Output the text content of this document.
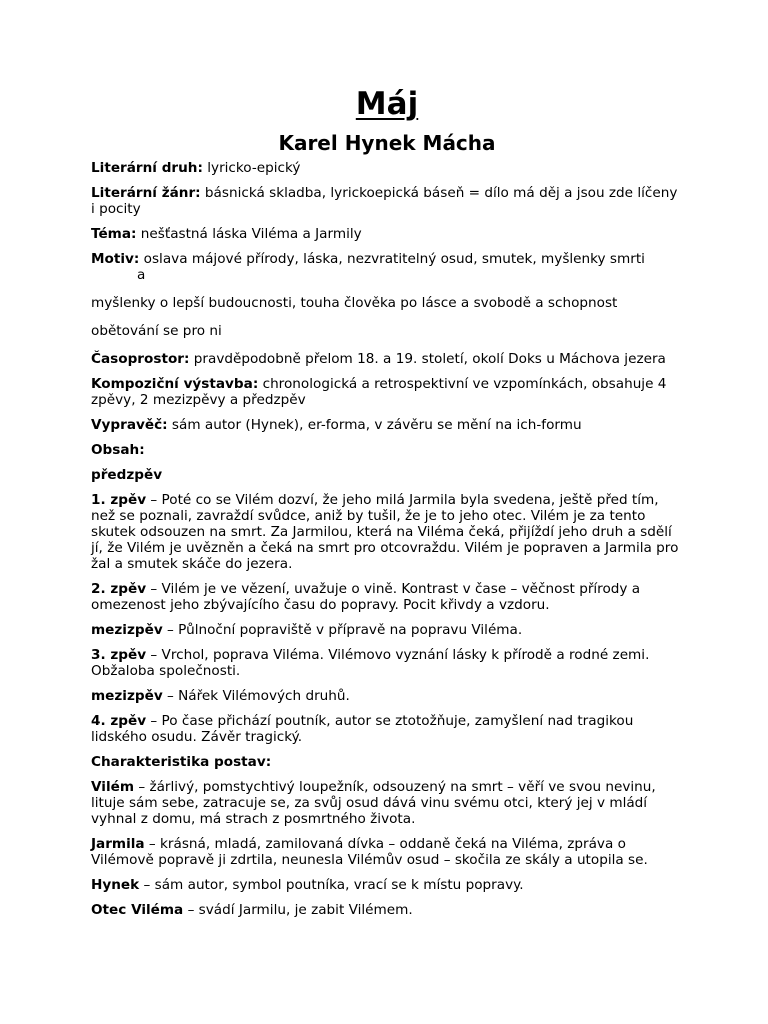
Máj
Karel Hynek Mácha

Literární druh: lyricko-epický

Literární žánr: básnická skladba, lyrickoepická báseň = dílo má děj a jsou zde líčeny i pocity

Téma: nešťastná láska Viléma a Jarmily

Motiv: oslava májové přírody, láska, nezvratitelný osud, smutek, myšlenky smrti
a

myšlenky o lepší budoucnosti, touha člověka po lásce a svobodě a schopnost

obětování se pro ni

Časoprostor: pravděpodobně přelom 18. a 19. století, okolí Doks u Máchova jezera

Kompoziční výstavba: chronologická a retrospektivní ve vzpomínkách, obsahuje 4 zpěvy, 2 mezizpěvy a předzpěv

Vypravěč: sám autor (Hynek), er-forma, v závěru se mění na ich-formu

Obsah:

předzpěv

1. zpěv – Poté co se Vilém dozví, že jeho milá Jarmila byla svedena, ještě před tím, než se poznali, zavraždí svůdce, aniž by tušil, že je to jeho otec. Vilém je za tento skutek odsouzen na smrt. Za Jarmilou, která na Viléma čeká, přijíždí jeho druh a sdělí jí, že Vilém je uvězněn a čeká na smrt pro otcovraždu. Vilém je popraven a Jarmila pro žal a smutek skáče do jezera.

2. zpěv – Vilém je ve vězení, uvažuje o vině. Kontrast v čase – věčnost přírody a omezenost jeho zbývajícího času do popravy. Pocit křivdy a vzdoru.

mezizpěv – Půlnoční popraviště v přípravě na popravu Viléma.

3. zpěv – Vrchol, poprava Viléma. Vilémovo vyznání lásky k přírodě a rodné zemi. Obžaloba společnosti.

mezizpěv – Nářek Vilémových druhů.

4. zpěv – Po čase přichází poutník, autor se ztotožňuje, zamyšlení nad tragikou lidského osudu. Závěr tragický.

Charakteristika postav:

Vilém – žárlivý, pomstychtivý loupežník, odsouzený na smrt – věří ve svou nevinu, lituje sám sebe, zatracuje se, za svůj osud dává vinu svému otci, který jej v mládí vyhnal z domu, má strach z posmrtného života.

Jarmila – krásná, mladá, zamilovaná dívka – oddaně čeká na Viléma, zpráva o Vilémově popravě ji zdrtila, neunesla Vilémův osud – skočila ze skály a utopila se.

Hynek – sám autor, symbol poutníka, vrací se k místu popravy.

Otec Viléma – svádí Jarmilu, je zabit Vilémem.
